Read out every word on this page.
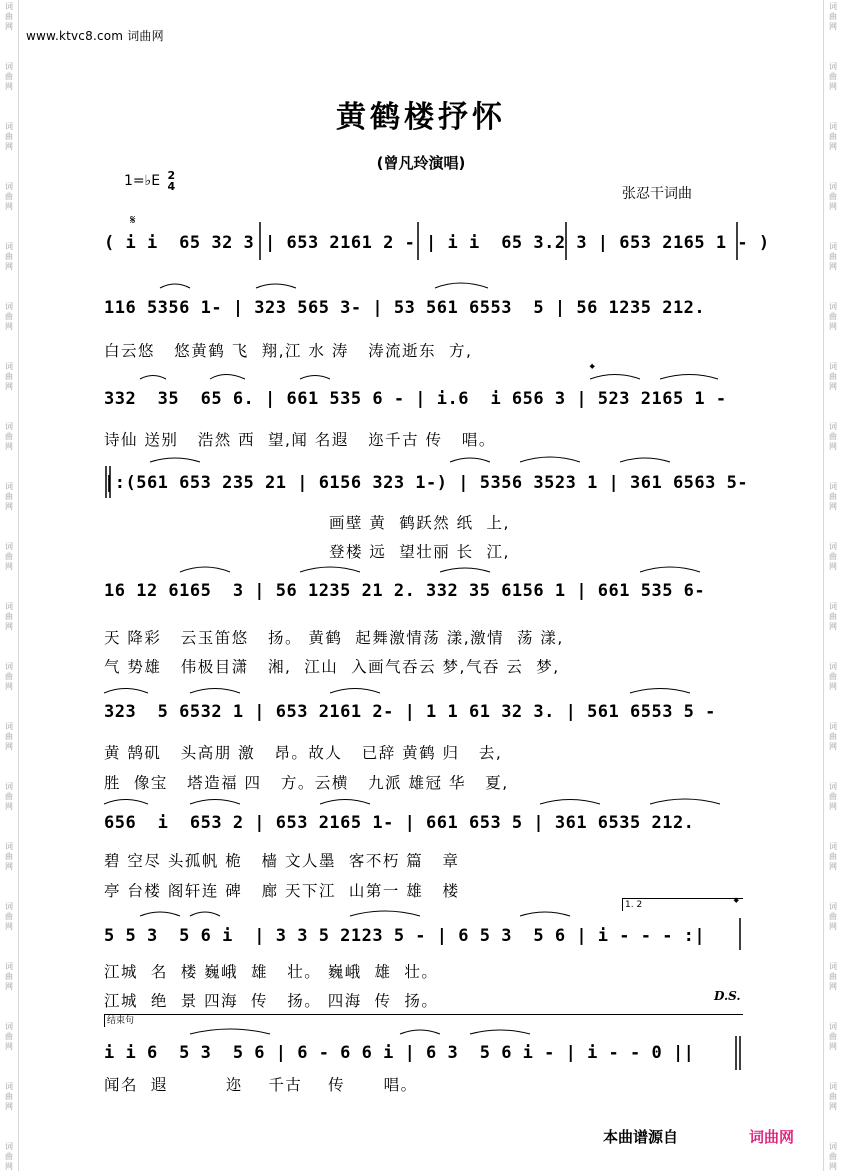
词
曲
网
词
曲
网
词
曲
网
词
曲
网
词
曲
网
词
曲
网
词
曲
网
词
曲
网
词
曲
网
词
曲
网
词
曲
网
词
曲
网
词
曲
网
词
曲
网
词
曲
网
词
曲
网
词
曲
网
词
曲
网
词
曲
网
词
曲
网
词
曲
网
词
曲
网
词
曲
网
词
曲
网
词
曲
网
词
曲
网
词
曲
网
词
曲
网
词
曲
网
词
曲
网
词
曲
网
词
曲
网
词
曲
网
词
曲
网
词
曲
网
词
曲
网
词
曲
网
词
曲
网
词
曲
网
词
曲
网
www.ktvc8.com 词曲网
黄鹤楼抒怀
(曾凡玲演唱)
1=♭E 2
4	张忍干词曲
𝄋
( i i  65 32 3 | 653 2161 2 - | i i  65 3.2 3 | 653 2165 1 - )
116 5356 1- | 323 565 3- | 53 561 6553  5 | 56 1235 212.
白云悠   悠黄鹤 飞  翔,江 水 涛   涛流逝东  方,
332  35  65 6. | 661 535 6 - | i.6  i 656 3 | 523 2165 1 -
诗仙 送别   浩然 西  望,闻 名遐   迩千古 传   唱。
𝄌
|:(561 653 235 21 | 6156 323 1-) | 5356 3523 1 | 361 6563 5-
画壁 黄  鹤跃然 纸  上,
登楼 远  望壮丽 长  江,
16 12 6165  3 | 56 1235 21 2. 332 35 6156 1 | 661 535 6-
天 降彩   云玉笛悠   扬。 黄鹤  起舞激情荡 漾,激情  荡 漾,
气 势雄   伟极目潇   湘,  江山  入画气吞云 梦,气吞 云  梦,
323  5 6532 1 | 653 2161 2- | 1 1 61 32 3. | 561 6553 5 -
黄 鹄矶   头高朋 激   昂。故人   已辞 黄鹤 归   去,
胜  像宝   塔造福 四   方。云横   九派 雄冠 华   夏,
656  i  653 2 | 653 2165 1- | 661 653 5 | 361 6535 212.
碧 空尽 头孤帆 桅   樯 文人墨  客不朽 篇   章
亭 台楼 阁轩连 碑   廊 天下江  山第一 雄   楼
1. 2	𝄌
5 5 3  5 6 i  | 3 3 5 2123 5 - | 6 5 3  5 6 | i - - - :|
江城  名  楼 巍峨  雄   壮。 巍峨  雄  壮。
江城  绝  景 四海  传   扬。 四海  传  扬。	D.S.
结束句
i i 6  5 3  5 6 | 6 - 6 6 i | 6 3  5 6 i - | i - - 0 ||
闻名  遐         迩    千古    传      唱。
本曲谱源自	词曲网
